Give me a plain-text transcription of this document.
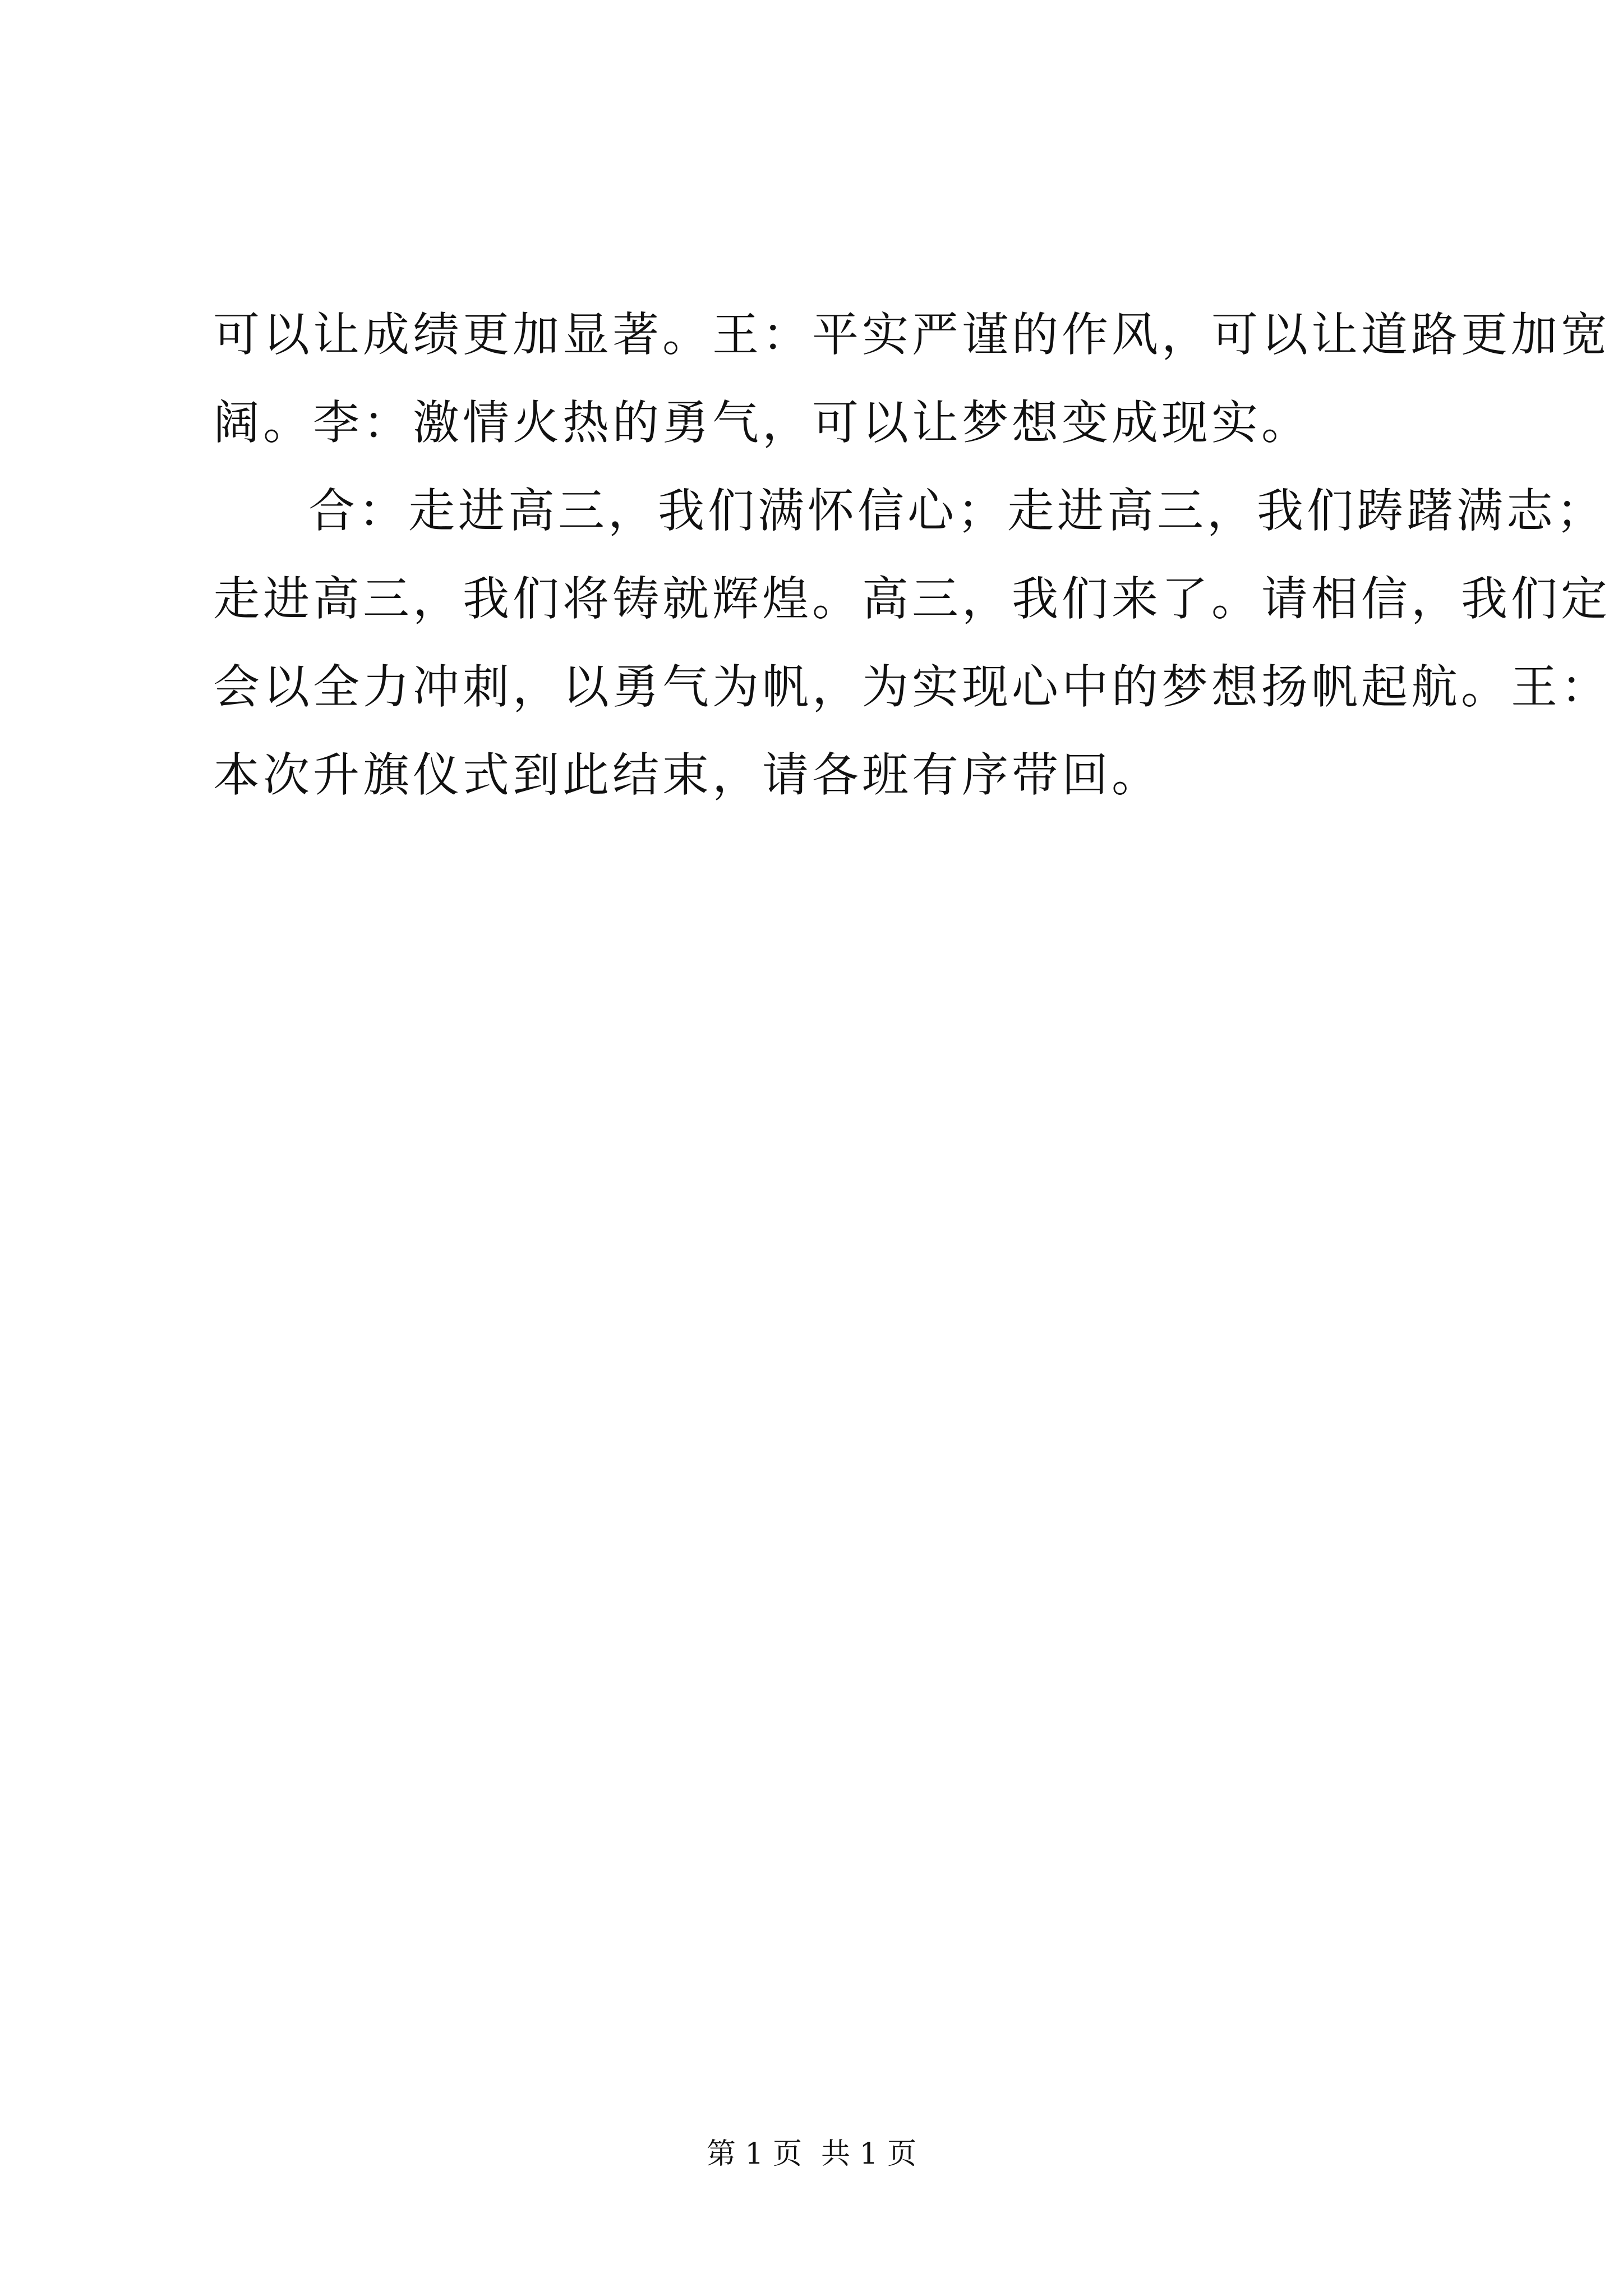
可以让成绩更加显著。王：平实严谨的作风，可以让道路更加宽
阔。李：激情火热的勇气，可以让梦想变成现实。
合：走进高三，我们满怀信心；走进高三，我们踌躇满志；
走进高三，我们将铸就辉煌。高三，我们来了。请相信，我们定
会以全力冲刺，以勇气为帆，为实现心中的梦想扬帆起航。王：
本次升旗仪式到此结束，请各班有序带回。
第 1 页 共 1 页
